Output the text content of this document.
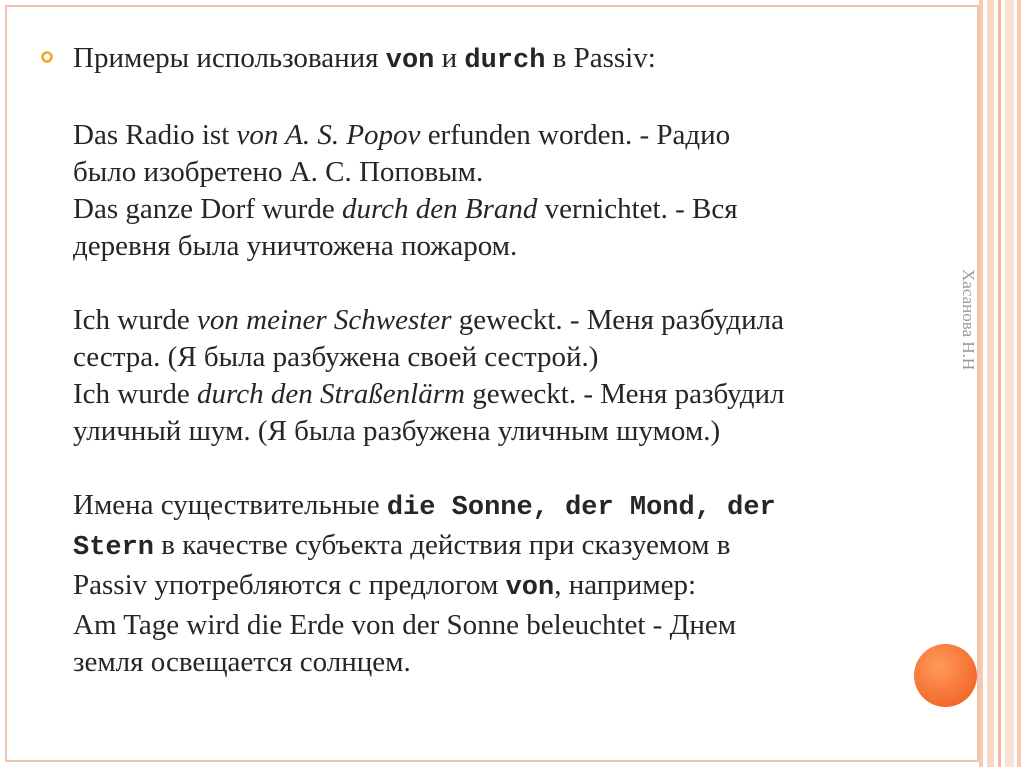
Примеры использования von и durch в Passiv:

Das Radio ist von A. S. Popov erfunden worden. - Радио
было изобретено А. С. Поповым.

Das ganze Dorf wurde durch den Brand vernichtet. - Вся
деревня была уничтожена пожаром.

Ich wurde von meiner Schwester geweckt. - Меня разбудила
сестра. (Я была разбужена своей сестрой.)

Ich wurde durch den Straßenlärm geweckt. - Меня разбудил
уличный шум. (Я была разбужена уличным шумом.)

Имена существительные die Sonne, der Mond, der
Stern в качестве субъекта действия при сказуемом в
Passiv употребляются с предлогом von, например:
Am Tage wird die Erde von der Sonne beleuchtet - Днем
земля освещается солнцем.

Хасанова Н.Н
